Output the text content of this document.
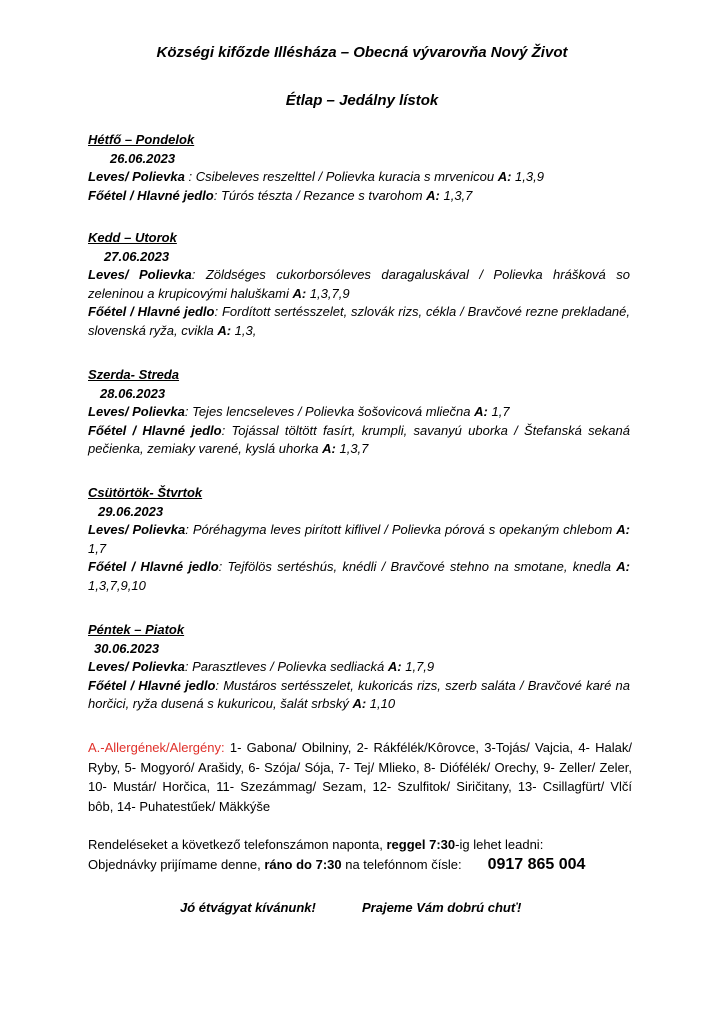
Községi kifőzde Illésháza – Obecná vývarovňa Nový Život
Étlap – Jedálny lístok
Hétfő – Pondelok
26.06.2023
Leves/ Polievka : Csibeleves reszelttel / Polievka kuracia s mrvenicou A: 1,3,9
Főétel / Hlavné jedlo: Túrós tészta / Rezance s tvarohom A: 1,3,7
Kedd – Utorok
27.06.2023
Leves/ Polievka: Zöldséges cukorborsóleves daragaluskával / Polievka hrášková so zeleninou a krupicovými haluškami A: 1,3,7,9
Főétel / Hlavné jedlo: Fordított sertésszelet, szlovák rizs, cékla / Bravčové rezne prekladané, slovenská ryža, cvikla A: 1,3,
Szerda- Streda
28.06.2023
Leves/ Polievka: Tejes lencseleves / Polievka šošovicová mliečna A: 1,7
Főétel / Hlavné jedlo: Tojással töltött fasírt, krumpli, savanyú uborka / Štefanská sekaná pečienka, zemiaky varené, kyslá uhorka A: 1,3,7
Csütörtök- Štvrtok
29.06.2023
Leves/ Polievka: Póréhagyma leves pirított kiflivel / Polievka pórová s opekaným chlebom A: 1,7
Főétel / Hlavné jedlo: Tejfölös sertéshús, knédli / Bravčové stehno na smotane, knedla A: 1,3,7,9,10
Péntek – Piatok
30.06.2023
Leves/ Polievka: Parasztleves / Polievka sedliacká A: 1,7,9
Főétel / Hlavné jedlo: Mustáros sertésszelet, kukoricás rizs, szerb saláta / Bravčové karé na horčici, ryža dusená s kukuricou, šalát srbský A: 1,10
A.-Allergének/Alergény: 1- Gabona/ Obilniny, 2- Rákfélék/Kôrovce, 3-Tojás/ Vajcia, 4- Halak/ Ryby, 5- Mogyoró/ Arašidy, 6- Szója/ Sója, 7- Tej/ Mlieko, 8- Diófélék/ Orechy, 9- Zeller/ Zeler, 10- Mustár/ Horčica, 11- Szezámmag/ Sezam, 12- Szulfitok/ Siričitany, 13- Csillagfürt/ Vlčí bôb, 14- Puhatestűek/ Mäkkýše
Rendeléseket a következő telefonszámon naponta, reggel 7:30-ig lehet leadni:
Objednávky prijímame denne, ráno do 7:30 na telefónnom čísle: 0917 865 004
Jó étvágyat kívánunk!	Prajeme Vám dobrú chuť!
